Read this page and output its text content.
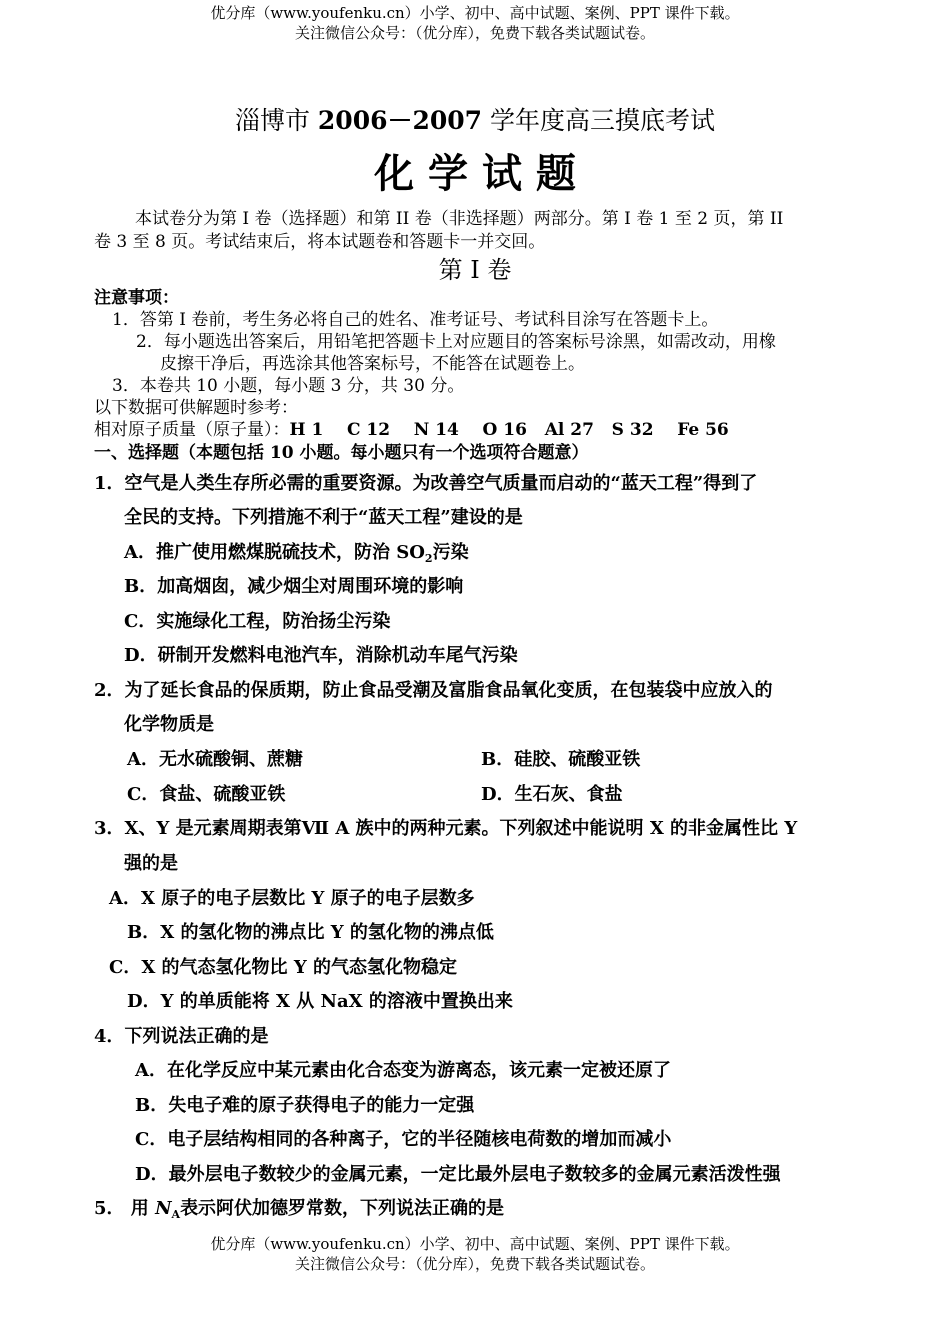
优分库（www.youfenku.cn）小学、初中、高中试题、案例、PPT 课件下载。
关注微信公众号：（优分库），免费下载各类试题试卷。
淄博市 2006－2007 学年度高三摸底考试
化 学 试 题
本试卷分为第 I 卷（选择题）和第 II 卷（非选择题）两部分。第 I 卷 1 至 2 页，第 II
卷 3 至 8 页。考试结束后，将本试题卷和答题卡一并交回。
第 I 卷
注意事项：
1．答第 I 卷前，考生务必将自己的姓名、准考证号、考试科目涂写在答题卡上。
2．每小题选出答案后，用铅笔把答题卡上对应题目的答案标号涂黑，如需改动，用橡
皮擦干净后，再选涂其他答案标号，不能答在试题卷上。
3．本卷共 10 小题，每小题 3 分，共 30 分。
以下数据可供解题时参考：
相对原子质量（原子量）：H 1    C 12    N 14    O 16   Al 27   S 32    Fe 56
一、选择题（本题包括 10 小题。每小题只有一个选项符合题意）
1．空气是人类生存所必需的重要资源。为改善空气质量而启动的“蓝天工程”得到了
全民的支持。下列措施不利于“蓝天工程”建设的是
A．推广使用燃煤脱硫技术，防治 $SO_2$污染
B．加高烟囱，减少烟尘对周围环境的影响
C．实施绿化工程，防治扬尘污染
D．研制开发燃料电池汽车，消除机动车尾气污染
2．为了延长食品的保质期，防止食品受潮及富脂食品氧化变质，在包装袋中应放入的
化学物质是
A．无水硫酸铜、蔗糖	B．硅胶、硫酸亚铁
C．食盐、硫酸亚铁	D．生石灰、食盐
3．X、Y 是元素周期表第Ⅶ A 族中的两种元素。下列叙述中能说明 X 的非金属性比 Y
强的是
A．X 原子的电子层数比 Y 原子的电子层数多
B．X 的氢化物的沸点比 Y 的氢化物的沸点低
C．X 的气态氢化物比 Y 的气态氢化物稳定
D．Y 的单质能将 X 从 NaX 的溶液中置换出来
4．下列说法正确的是
A．在化学反应中某元素由化合态变为游离态，该元素一定被还原了
B．失电子难的原子获得电子的能力一定强
C．电子层结构相同的各种离子，它的半径随核电荷数的增加而减小
D．最外层电子数较少的金属元素，一定比最外层电子数较多的金属元素活泼性强
5． 用 $N_A$表示阿伏加德罗常数，下列说法正确的是
优分库（www.youfenku.cn）小学、初中、高中试题、案例、PPT 课件下载。
关注微信公众号：（优分库），免费下载各类试题试卷。
